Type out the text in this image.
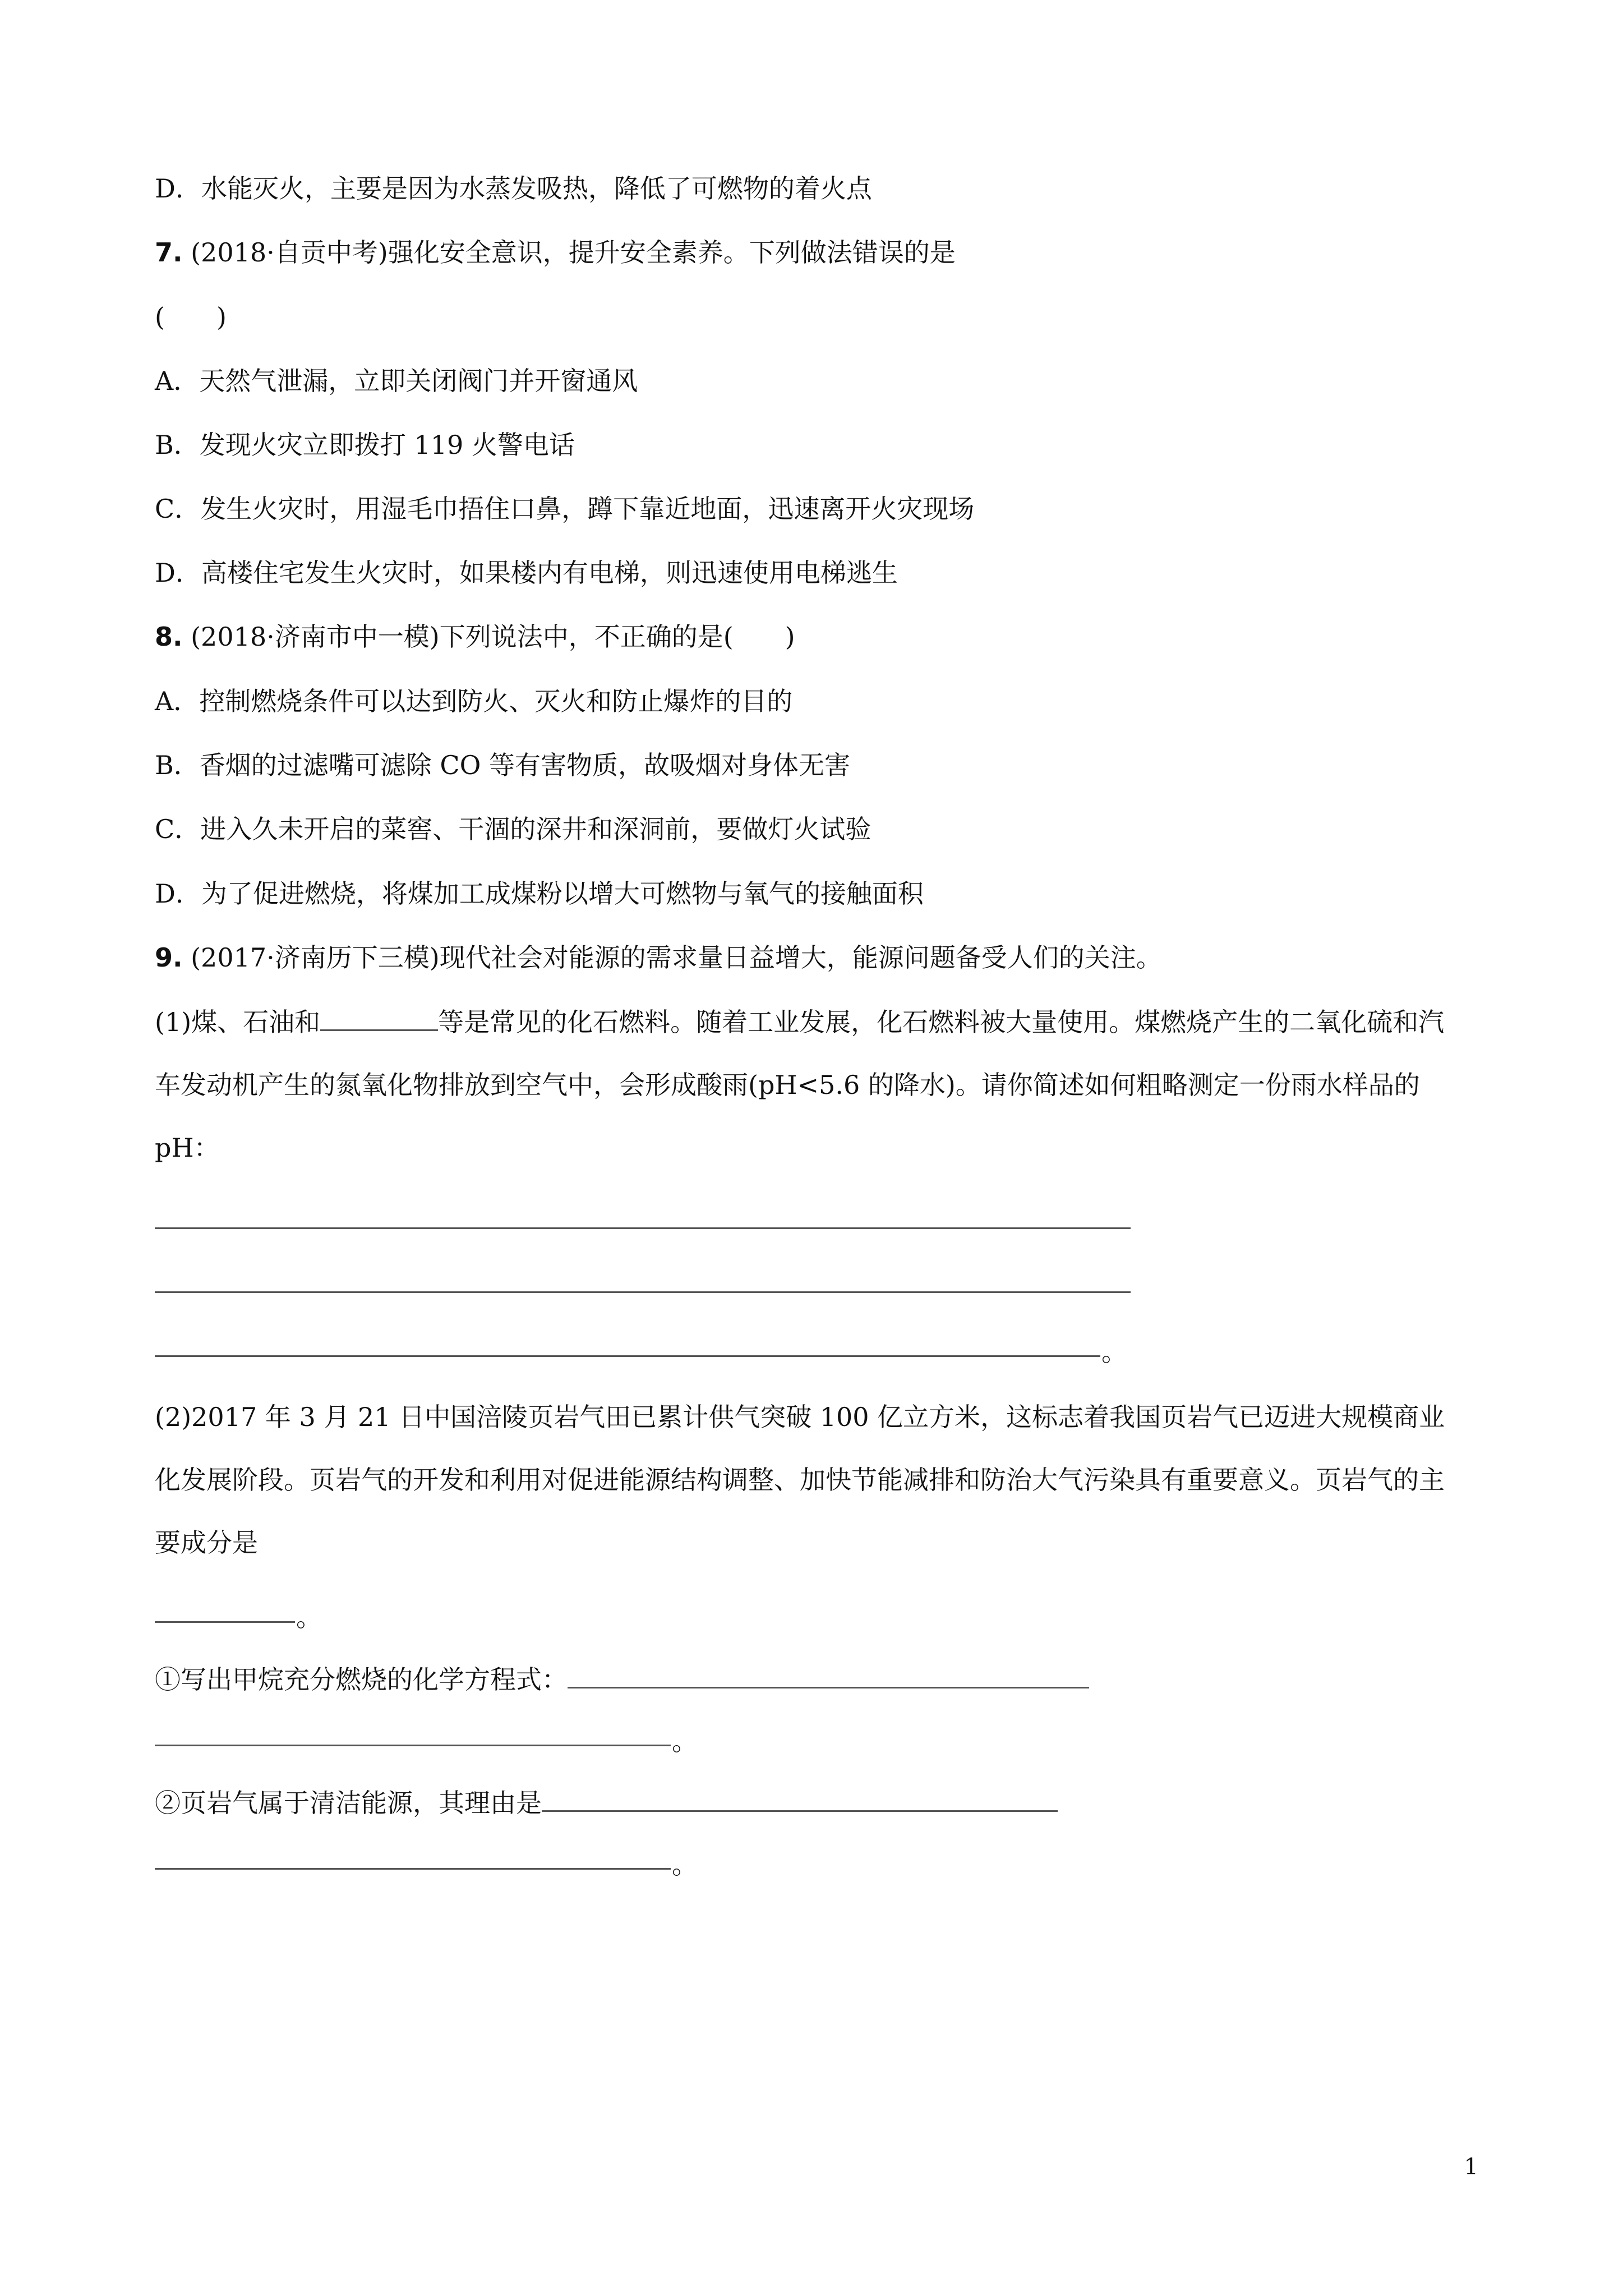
D．水能灭火，主要是因为水蒸发吸热，降低了可燃物的着火点
7. (2018·自贡中考)强化安全意识，提升安全素养。下列做法错误的是
(　　)
A．天然气泄漏，立即关闭阀门并开窗通风
B．发现火灾立即拨打 119 火警电话
C．发生火灾时，用湿毛巾捂住口鼻，蹲下靠近地面，迅速离开火灾现场
D．高楼住宅发生火灾时，如果楼内有电梯，则迅速使用电梯逃生
8. (2018·济南市中一模)下列说法中，不正确的是(　　)
A．控制燃烧条件可以达到防火、灭火和防止爆炸的目的
B．香烟的过滤嘴可滤除 CO 等有害物质，故吸烟对身体无害
C．进入久未开启的菜窖、干涸的深井和深洞前，要做灯火试验
D．为了促进燃烧，将煤加工成煤粉以增大可燃物与氧气的接触面积
9. (2017·济南历下三模)现代社会对能源的需求量日益增大，能源问题备受人们的关注。
(1)煤、石油和	等是常见的化石燃料。随着工业发展，化石燃料被大量使用。煤燃烧产生的二氧化硫和汽车发动机产生的氮氧化物排放到空气中，会形成酸雨(pH<5.6 的降水)。请你简述如何粗略测定一份雨水样品的 pH：
。
(2)2017 年 3 月 21 日中国涪陵页岩气田已累计供气突破 100 亿立方米，这标志着我国页岩气已迈进大规模商业化发展阶段。页岩气的开发和利用对促进能源结构调整、加快节能减排和防治大气污染具有重要意义。页岩气的主要成分是
。
①写出甲烷充分燃烧的化学方程式：
。
②页岩气属于清洁能源，其理由是
。
1
